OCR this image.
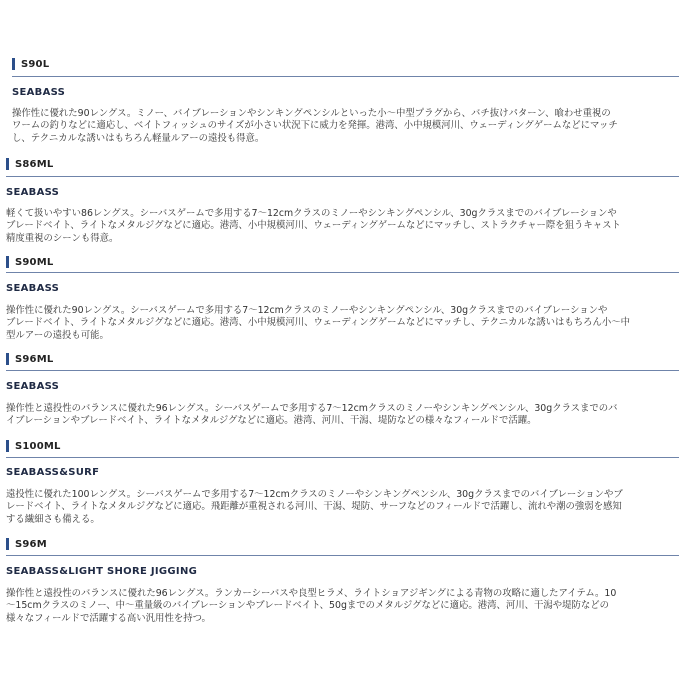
S90L
SEABASS

操作性に優れた90レングス。ミノー、バイブレーションやシンキングペンシルといった小～中型プラグから、バチ抜けパターン、喰わせ重視の
ワームの釣りなどに適応し、ベイトフィッシュのサイズが小さい状況下に威力を発揮。港湾、小中規模河川、ウェーディングゲームなどにマッチ
し、テクニカルな誘いはもちろん軽量ルアーの遠投も得意。

S86ML
SEABASS

軽くて扱いやすい86レングス。シーバスゲームで多用する7～12cmクラスのミノーやシンキングペンシル、30gクラスまでのバイブレーションや
ブレードベイト、ライトなメタルジグなどに適応。港湾、小中規模河川、ウェーディングゲームなどにマッチし、ストラクチャー際を狙うキャスト
精度重視のシーンも得意。

S90ML
SEABASS

操作性に優れた90レングス。シーバスゲームで多用する7～12cmクラスのミノーやシンキングペンシル、30gクラスまでのバイブレーションや
ブレードベイト、ライトなメタルジグなどに適応。港湾、小中規模河川、ウェーディングゲームなどにマッチし、テクニカルな誘いはもちろん小～中
型ルアーの遠投も可能。

S96ML
SEABASS

操作性と遠投性のバランスに優れた96レングス。シーバスゲームで多用する7～12cmクラスのミノーやシンキングペンシル、30gクラスまでのバ
イブレーションやブレードベイト、ライトなメタルジグなどに適応。港湾、河川、干潟、堤防などの様々なフィールドで活躍。

S100ML
SEABASS&SURF

遠投性に優れた100レングス。シーバスゲームで多用する7～12cmクラスのミノーやシンキングペンシル、30gクラスまでのバイブレーションやブ
レードベイト、ライトなメタルジグなどに適応。飛距離が重視される河川、干潟、堤防、サーフなどのフィールドで活躍し、流れや潮の強弱を感知
する繊細さも備える。

S96M
SEABASS&LIGHT SHORE JIGGING

操作性と遠投性のバランスに優れた96レングス。ランカーシーバスや良型ヒラメ、ライトショアジギングによる青物の攻略に適したアイテム。10
～15cmクラスのミノー、中～重量級のバイブレーションやブレードベイト、50gまでのメタルジグなどに適応。港湾、河川、干潟や堤防などの
様々なフィールドで活躍する高い汎用性を持つ。
